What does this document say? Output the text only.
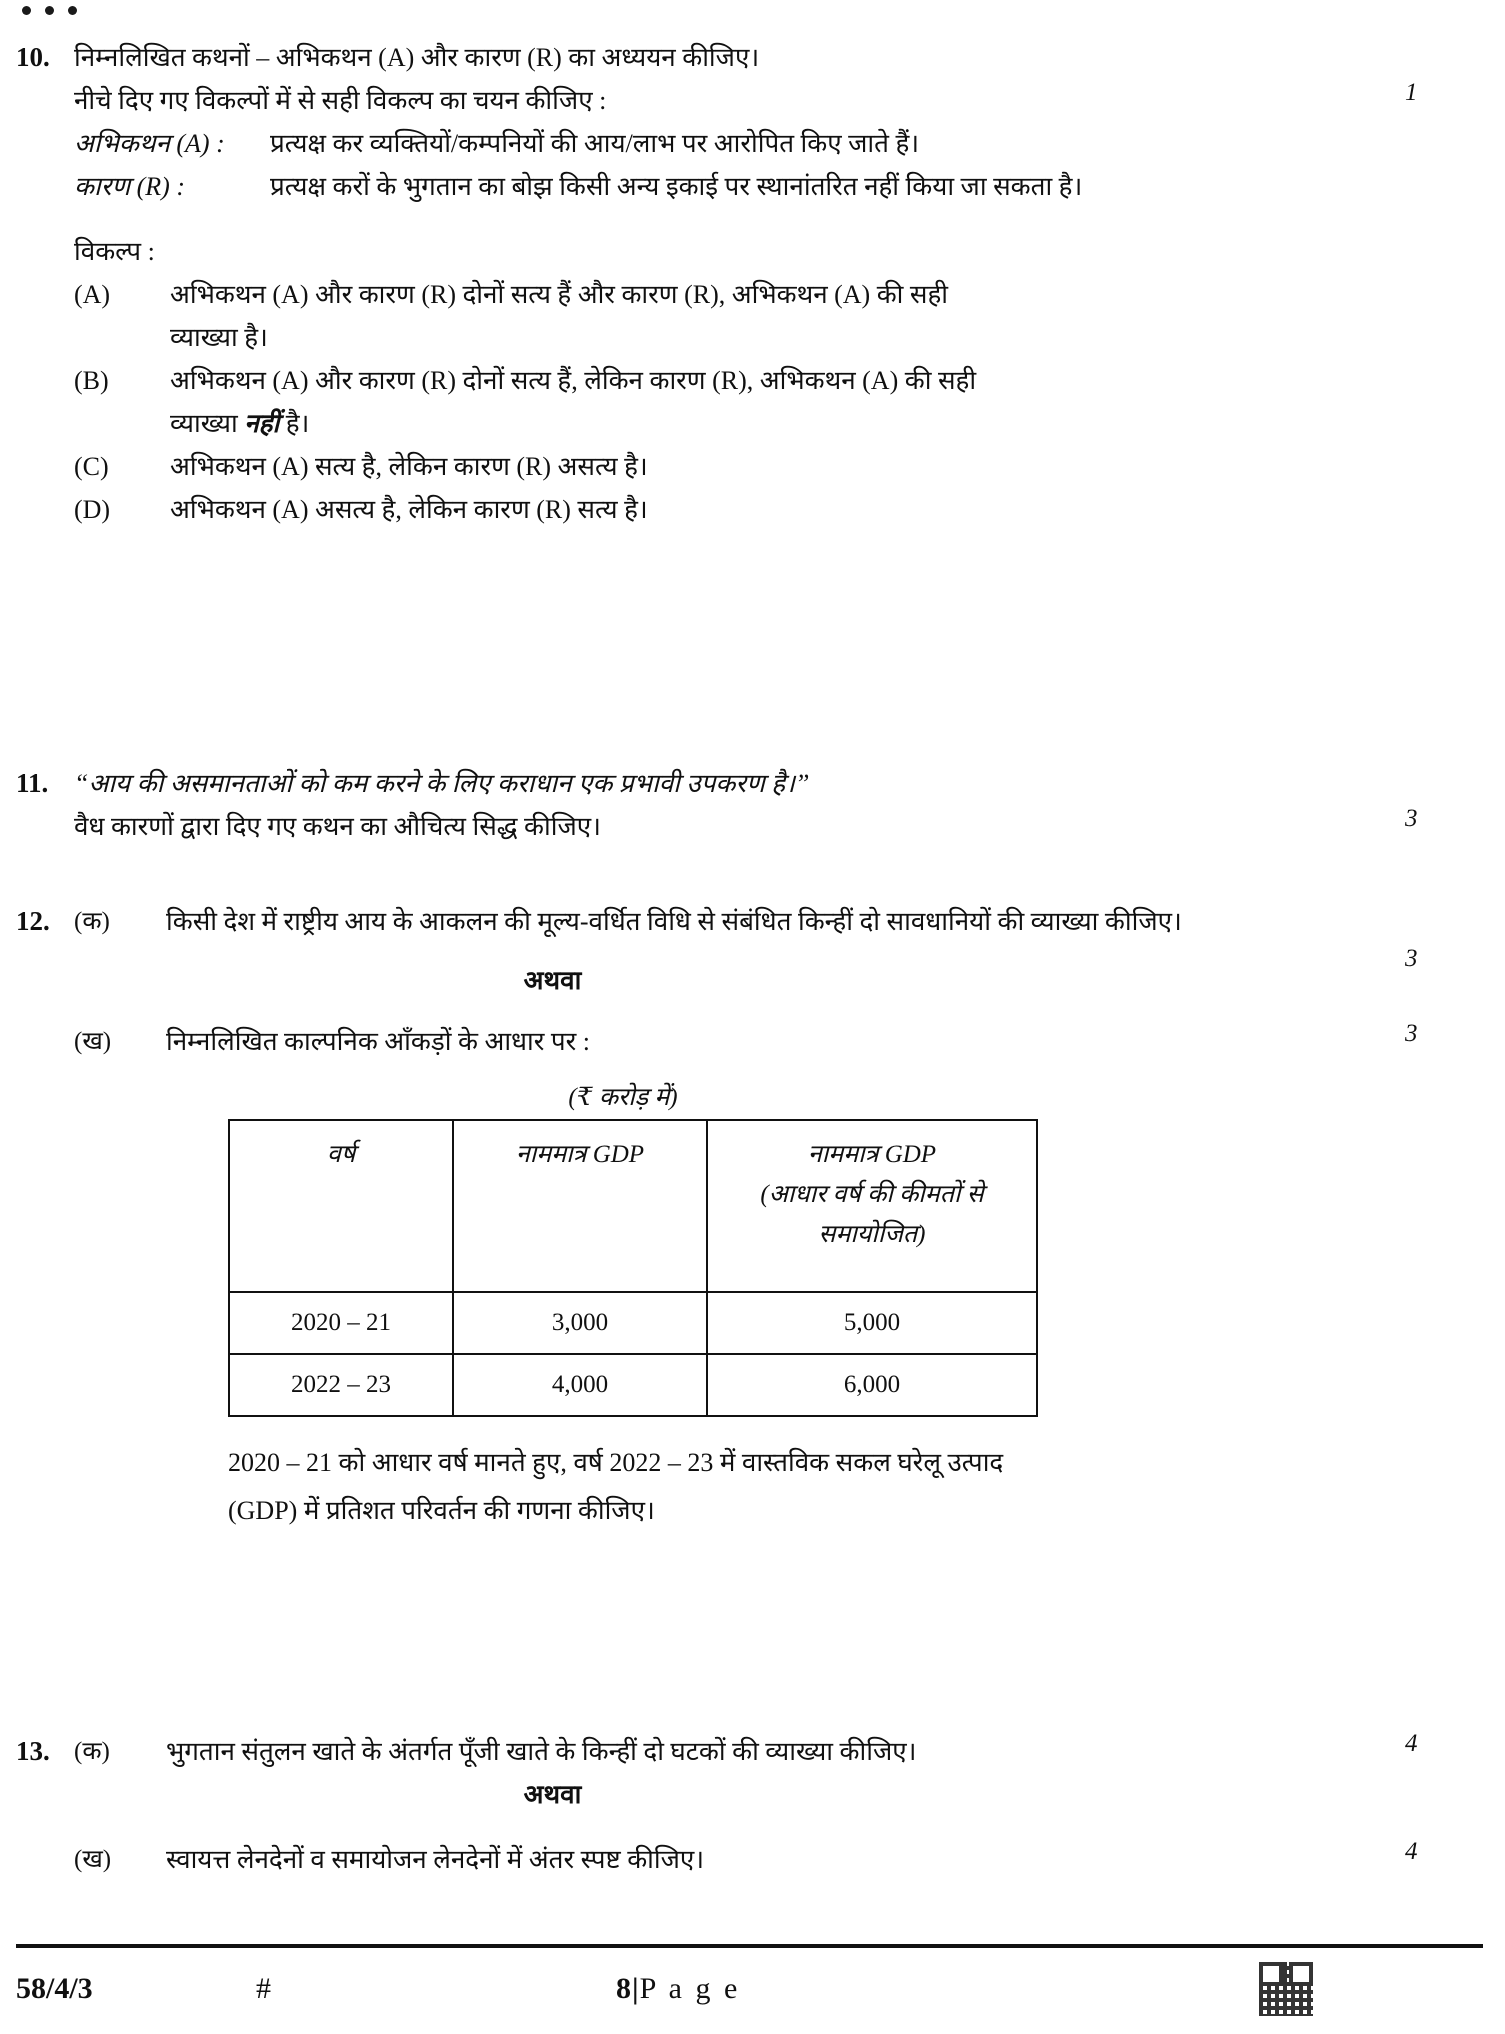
10. निम्नलिखित कथनों – अभिकथन (A) और कारण (R) का अध्ययन कीजिए।
नीचे दिए गए विकल्पों में से सही विकल्प का चयन कीजिए :	1
अभिकथन (A) : प्रत्यक्ष कर व्यक्तियों/कम्पनियों की आय/लाभ पर आरोपित किए जाते हैं।
कारण (R) :	प्रत्यक्ष करों के भुगतान का बोझ किसी अन्य इकाई पर स्थानांतरित नहीं किया जा सकता है।
विकल्प :
(A)	अभिकथन (A) और कारण (R) दोनों सत्य हैं और कारण (R), अभिकथन (A) की सही
व्याख्या है।
(B)	अभिकथन (A) और कारण (R) दोनों सत्य हैं, लेकिन कारण (R), अभिकथन (A) की सही
व्याख्या नहीं है।
(C)	अभिकथन (A) सत्य है, लेकिन कारण (R) असत्य है।
(D)	अभिकथन (A) असत्य है, लेकिन कारण (R) सत्य है।
11. “आय की असमानताओं को कम करने के लिए कराधान एक प्रभावी उपकरण है।”
वैध कारणों द्वारा दिए गए कथन का औचित्य सिद्ध कीजिए।	3
12. (क)	किसी देश में राष्ट्रीय आय के आकलन की मूल्य-वर्धित विधि से संबंधित किन्हीं दो सावधानियों की व्याख्या कीजिए।
3
अथवा
(ख)	निम्नलिखित काल्पनिक आँकड़ों के आधार पर :	3
(₹ करोड़ में)
वर्ष	नाममात्र GDP	नाममात्र GDP
(आधार वर्ष की कीमतों से
समायोजित)

2020 – 21	3,000	5,000
2022 – 23	4,000	6,000
2020 – 21 को आधार वर्ष मानते हुए, वर्ष 2022 – 23 में वास्तविक सकल घरेलू उत्पाद
(GDP) में प्रतिशत परिवर्तन की गणना कीजिए।
13. (क)	भुगतान संतुलन खाते के अंतर्गत पूँजी खाते के किन्हीं दो घटकों की व्याख्या कीजिए।	4
अथवा
(ख)	स्वायत्त लेनदेनों व समायोजन लेनदेनों में अंतर स्पष्ट कीजिए।	4
58/4/3	#	8|P a g e
